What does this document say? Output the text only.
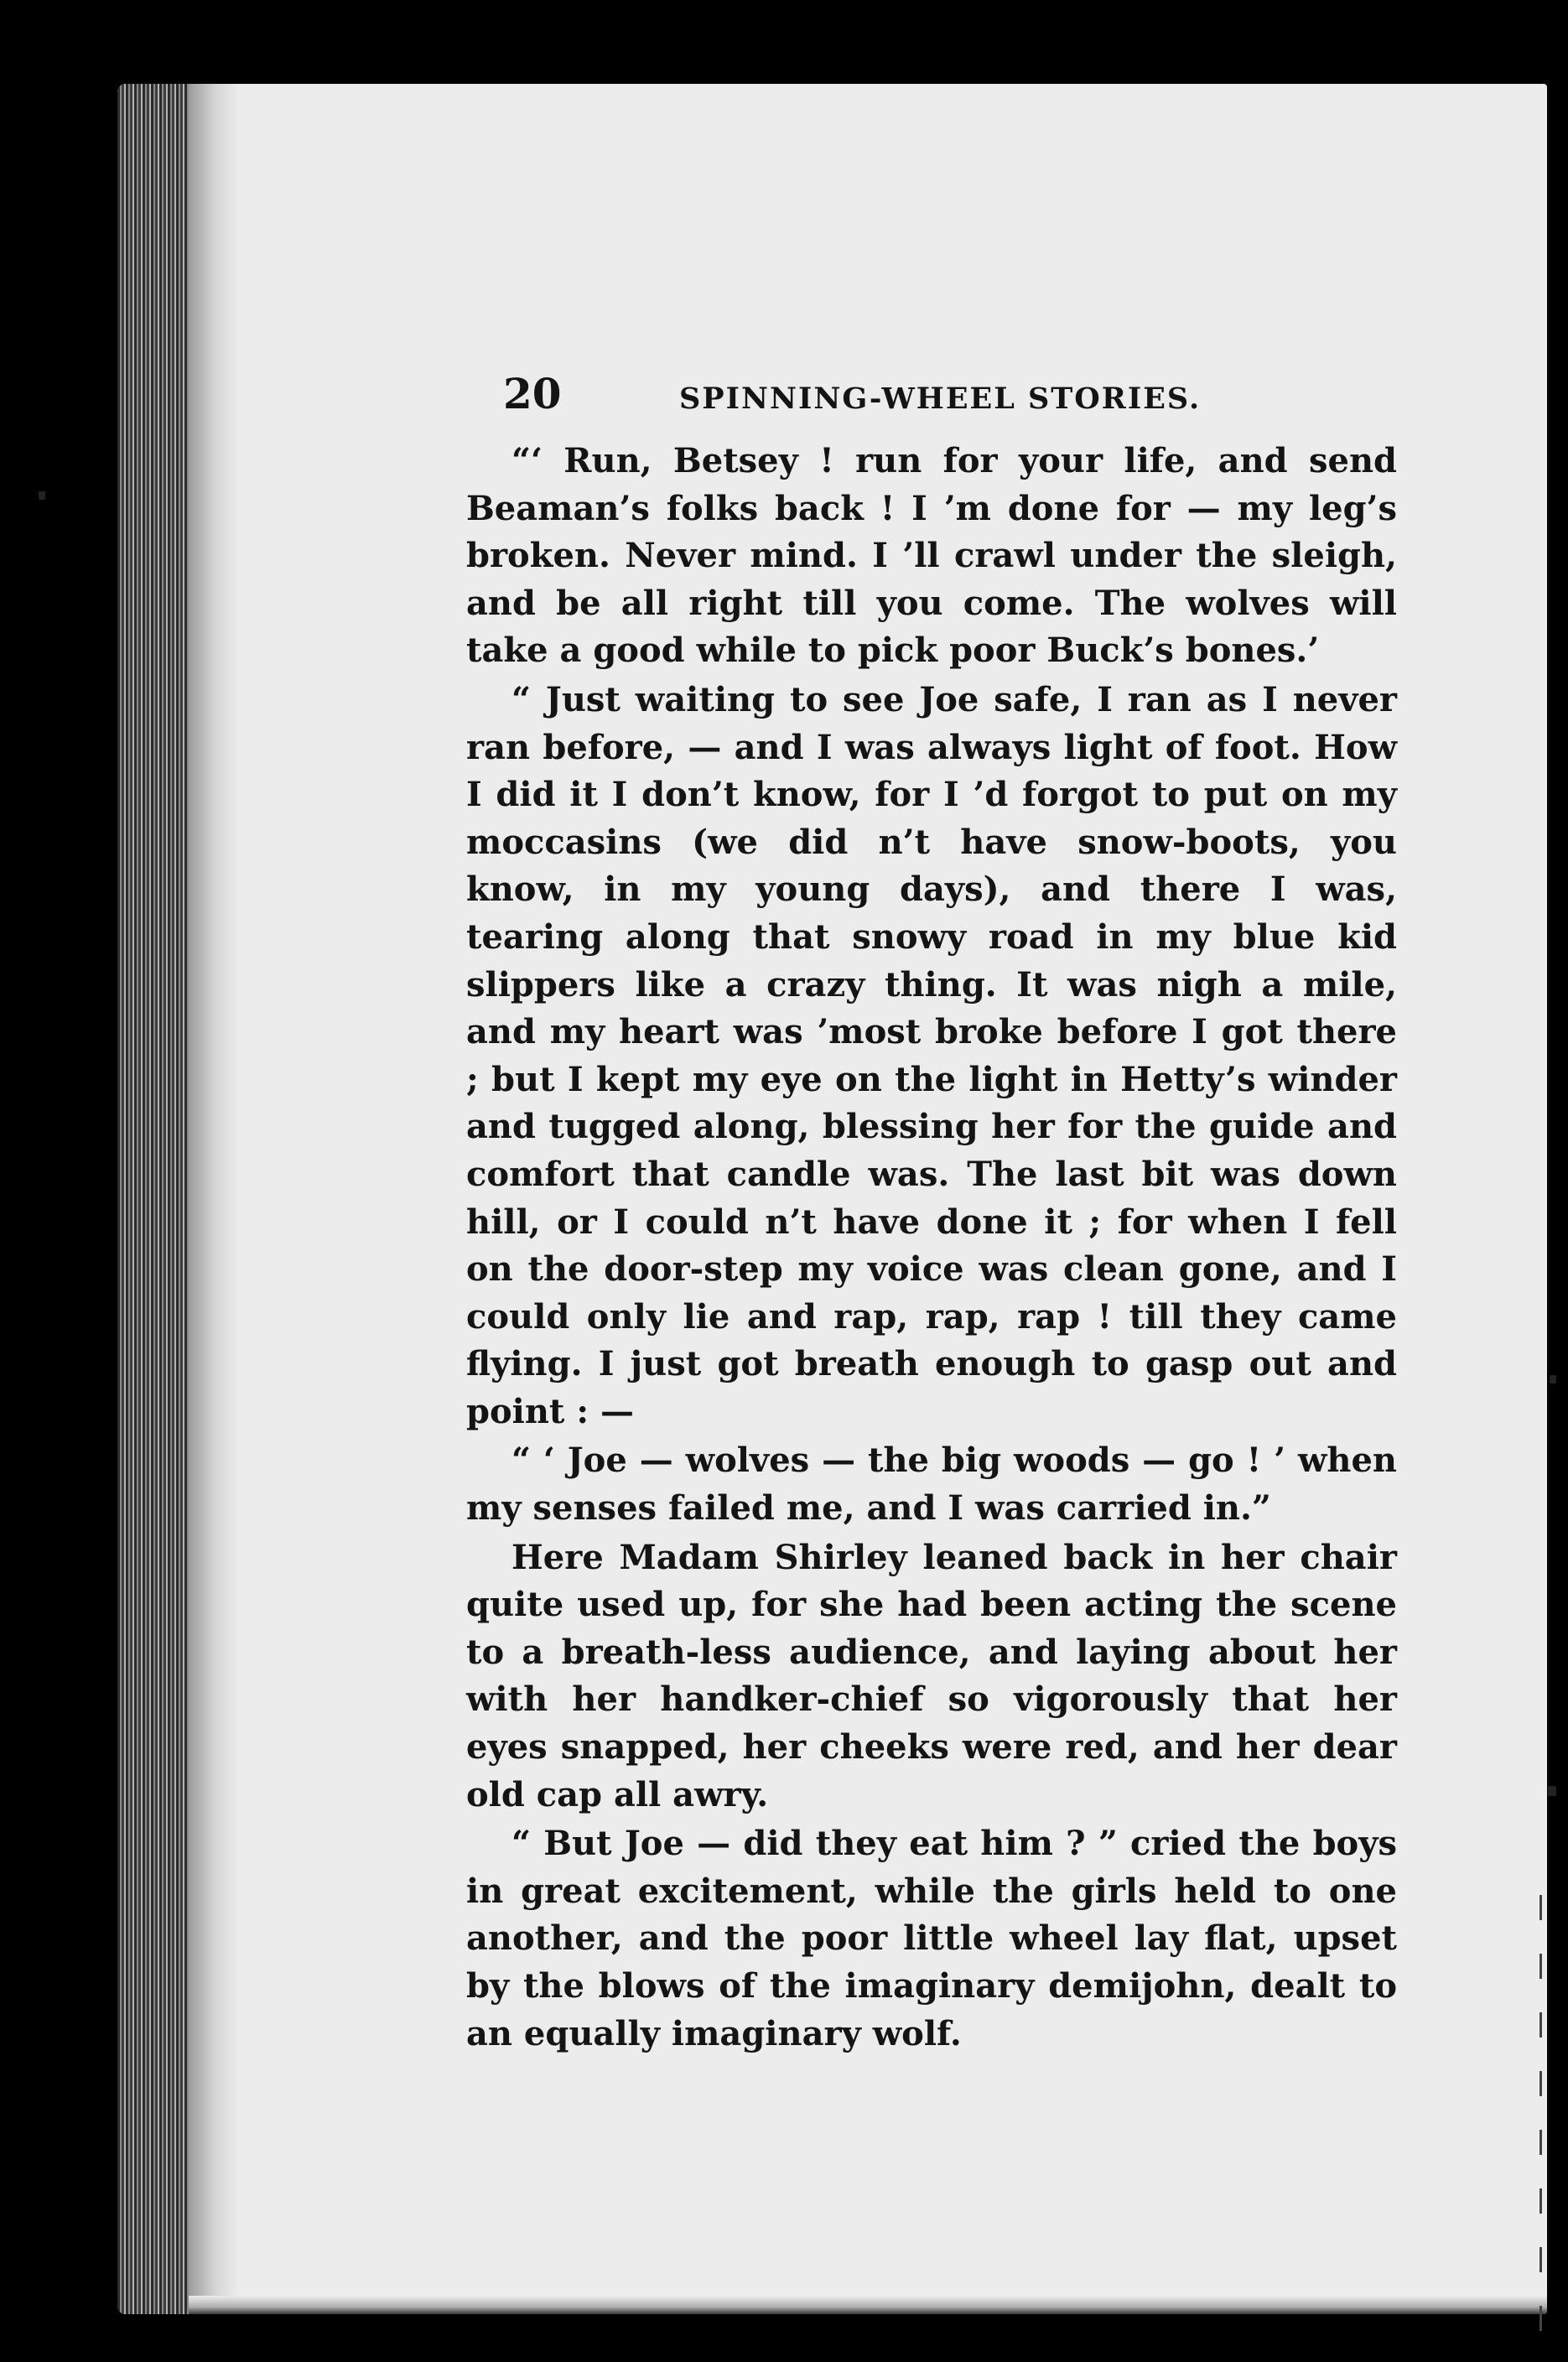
20	SPINNING-WHEEL STORIES.

“‘ Run, Betsey ! run for your life, and send Beaman’s folks back ! I ’m done for — my leg’s broken. Never mind. I ’ll crawl under the sleigh, and be all right till you come. The wolves will take a good while to pick poor Buck’s bones.’

“ Just waiting to see Joe safe, I ran as I never ran before, — and I was always light of foot. How I did it I don’t know, for I ’d forgot to put on my moccasins (we did n’t have snow-boots, you know, in my young days), and there I was, tearing along that snowy road in my blue kid slippers like a crazy thing. It was nigh a mile, and my heart was ’most broke before I got there ; but I kept my eye on the light in Hetty’s winder and tugged along, blessing her for the guide and comfort that candle was. The last bit was down hill, or I could n’t have done it ; for when I fell on the door-step my voice was clean gone, and I could only lie and rap, rap, rap ! till they came flying. I just got breath enough to gasp out and point : —

“ ‘ Joe — wolves — the big woods — go ! ’ when my senses failed me, and I was carried in.”

Here Madam Shirley leaned back in her chair quite used up, for she had been acting the scene to a breath-less audience, and laying about her with her handker-chief so vigorously that her eyes snapped, her cheeks were red, and her dear old cap all awry.

“ But Joe — did they eat him ? ” cried the boys in great excitement, while the girls held to one another, and the poor little wheel lay flat, upset by the blows of the imaginary demijohn, dealt to an equally imaginary wolf.
